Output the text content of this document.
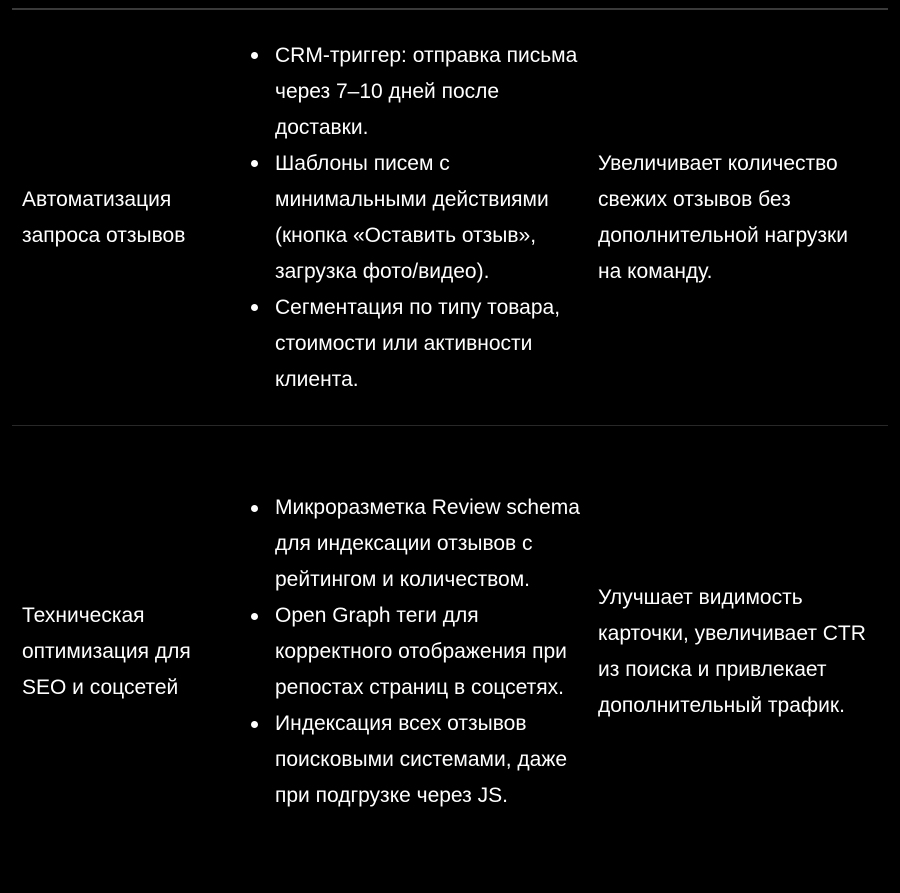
Автоматизация запроса отзывов
CRM-триггер: отправка письма через 7–10 дней после доставки.
Шаблоны писем с минимальными действиями (кнопка «Оставить отзыв», загрузка фото/видео).
Сегментация по типу товара, стоимости или активности клиента.
Увеличивает количество свежих отзывов без дополнительной нагрузки на команду.
Техническая оптимизация для SEO и соцсетей
Микроразметка Review schema для индексации отзывов с рейтингом и количеством.
Open Graph теги для корректного отображения при репостах страниц в соцсетях.
Индексация всех отзывов поисковыми системами, даже при подгрузке через JS.
Улучшает видимость карточки, увеличивает CTR из поиска и привлекает дополнительный трафик.
